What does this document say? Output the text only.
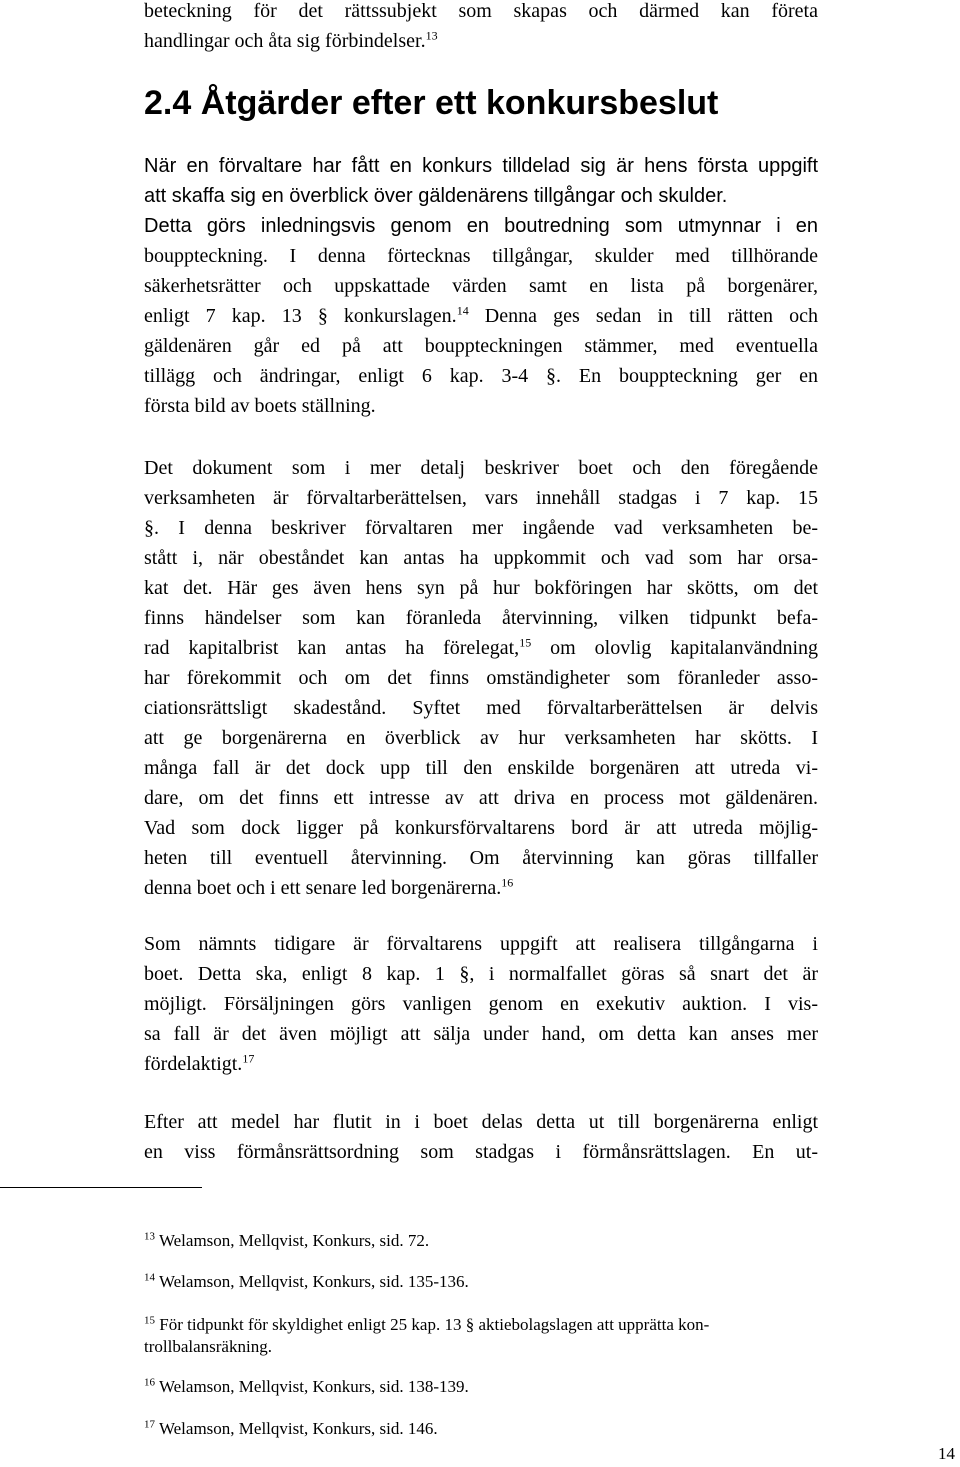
beteckning för det rättssubjekt som skapas och därmed kan företa
handlingar och åta sig förbindelser.$^{13}$
2.4 Åtgärder efter ett konkursbeslut
När en förvaltare har fått en konkurs tilldelad sig är hens första uppgift
att skaffa sig en överblick över gäldenärens tillgångar och skulder.
Detta görs inledningsvis genom en boutredning som utmynnar i en
bouppteckning. I denna förtecknas tillgångar, skulder med tillhörande
säkerhetsrätter och uppskattade värden samt en lista på borgenärer,
enligt 7 kap. 13 § konkurslagen.$^{14}$ Denna ges sedan in till rätten och
gäldenären går ed på att bouppteckningen stämmer, med eventuella
tillägg och ändringar, enligt 6 kap. 3-4 §. En bouppteckning ger en
första bild av boets ställning.
Det dokument som i mer detalj beskriver boet och den föregående
verksamheten är förvaltarberättelsen, vars innehåll stadgas i 7 kap. 15
§. I denna beskriver förvaltaren mer ingående vad verksamheten be-
stått i, när obeståndet kan antas ha uppkommit och vad som har orsa-
kat det. Här ges även hens syn på hur bokföringen har skötts, om det
finns händelser som kan föranleda återvinning, vilken tidpunkt befa-
rad kapitalbrist kan antas ha förelegat,$^{15}$ om olovlig kapitalanvändning
har förekommit och om det finns omständigheter som föranleder asso-
ciationsrättsligt skadestånd. Syftet med förvaltarberättelsen är delvis
att ge borgenärerna en överblick av hur verksamheten har skötts. I
många fall är det dock upp till den enskilde borgenären att utreda vi-
dare, om det finns ett intresse av att driva en process mot gäldenären.
Vad som dock ligger på konkursförvaltarens bord är att utreda möjlig-
heten till eventuell återvinning. Om återvinning kan göras tillfaller
denna boet och i ett senare led borgenärerna.$^{16}$
Som nämnts tidigare är förvaltarens uppgift att realisera tillgångarna i
boet. Detta ska, enligt 8 kap. 1 §, i normalfallet göras så snart det är
möjligt. Försäljningen görs vanligen genom en exekutiv auktion. I vis-
sa fall är det även möjligt att sälja under hand, om detta kan anses mer
fördelaktigt.$^{17}$
Efter att medel har flutit in i boet delas detta ut till borgenärerna enligt
en viss förmånsrättsordning som stadgas i förmånsrättslagen. En ut-
$^{13}$ Welamson, Mellqvist, Konkurs, sid. 72.
$^{14}$ Welamson, Mellqvist, Konkurs, sid. 135-136.
$^{15}$ För tidpunkt för skyldighet enligt 25 kap. 13 § aktiebolagslagen att upprätta kon-
trollbalansräkning.
$^{16}$ Welamson, Mellqvist, Konkurs, sid. 138-139.
$^{17}$ Welamson, Mellqvist, Konkurs, sid. 146.

14
